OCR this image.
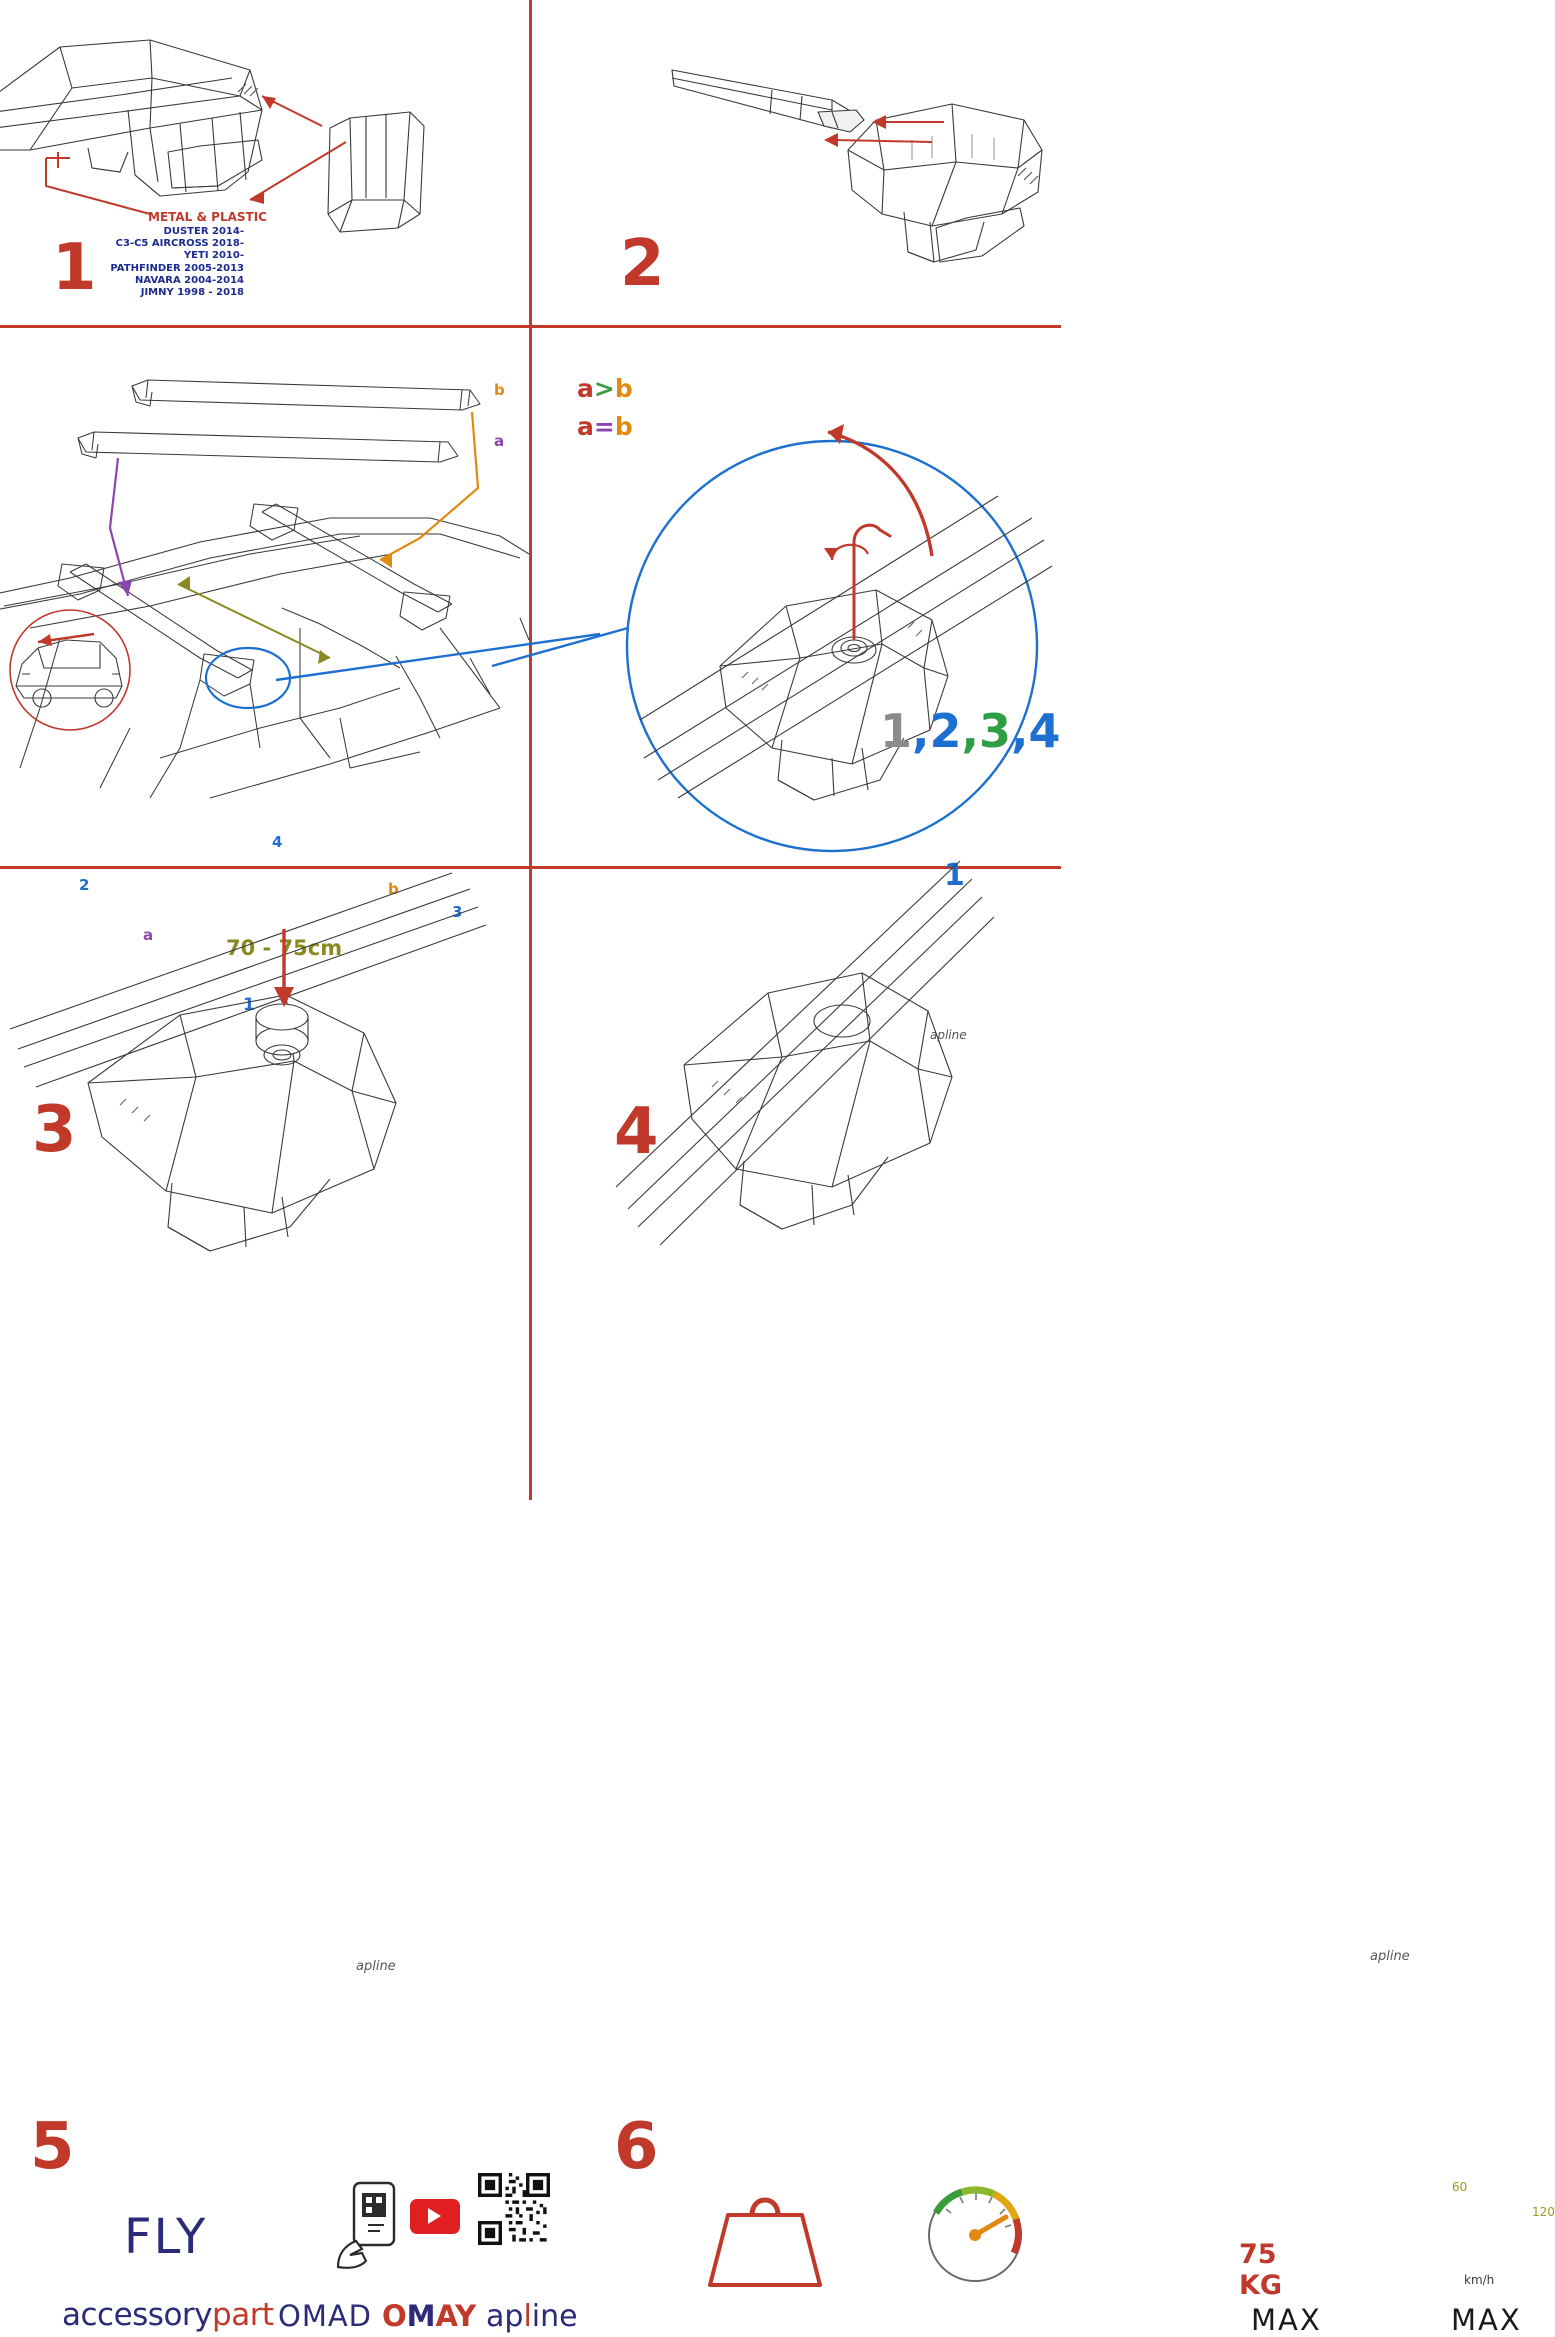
METAL & PLASTIC
DUSTER 2014-
C3-C5 AIRCROSS 2018-
YETI 2010-
PATHFINDER 2005-2013
NAVARA 2004-2014
JIMNY 1998 - 2018
1	2
b
a
a
b
2
4
3
1
70 - 75cm
3
a>b
a=b
1,2,3,4
1
apline
4
apline
5
FLY
accessorypart OMAD OMAY apline
apline
6
75 KG
MAX
60
120
km/h
MAX
